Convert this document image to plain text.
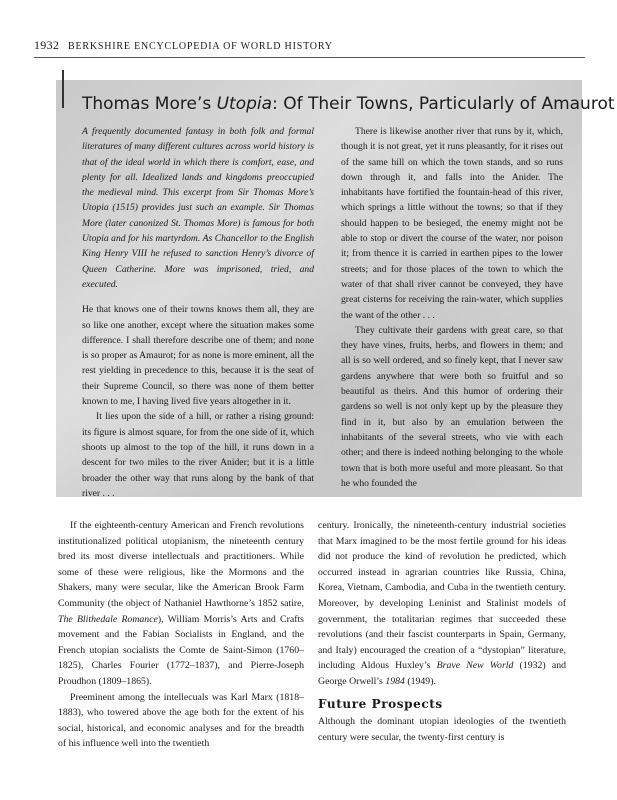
1932 BERKSHIRE ENCYCLOPEDIA OF WORLD HISTORY
Thomas More’s Utopia: Of Their Towns, Particularly of Amaurot

A frequently documented fantasy in both folk and formal literatures of many different cultures across world history is that of the ideal world in which there is comfort, ease, and plenty for all. Idealized lands and kingdoms preoccupied the medieval mind. This excerpt from Sir Thomas More’s Utopia (1515) provides just such an example. Sir Thomas More (later canonized St. Thomas More) is famous for both Utopia and for his martyrdom. As Chancellor to the English King Henry VIII he refused to sanction Henry’s divorce of Queen Catherine. More was imprisoned, tried, and executed.

He that knows one of their towns knows them all, they are so like one another, except where the situation makes some difference. I shall therefore describe one of them; and none is so proper as Amaurot; for as none is more eminent, all the rest yielding in precedence to this, because it is the seat of their Supreme Council, so there was none of them better known to me, I having lived five years altogether in it.

It lies upon the side of a hill, or rather a rising ground: its figure is almost square, for from the one side of it, which shoots up almost to the top of the hill, it runs down in a descent for two miles to the river Anider; but it is a little broader the other way that runs along by the bank of that river . . .

There is likewise another river that runs by it, which, though it is not great, yet it runs pleasantly, for it rises out of the same hill on which the town stands, and so runs down through it, and falls into the Anider. The inhabitants have fortified the fountain-head of this river, which springs a little without the towns; so that if they should happen to be besieged, the enemy might not be able to stop or divert the course of the water, nor poison it; from thence it is carried in earthen pipes to the lower streets; and for those places of the town to which the water of that shall river cannot be conveyed, they have great cisterns for receiving the rain-water, which supplies the want of the other . . .

They cultivate their gardens with great care, so that they have vines, fruits, herbs, and flowers in them; and all is so well ordered, and so finely kept, that I never saw gardens anywhere that were both so fruitful and so beautiful as theirs. And this humor of ordering their gardens so well is not only kept up by the pleasure they find in it, but also by an emulation between the inhabitants of the several streets, who vie with each other; and there is indeed nothing belonging to the whole town that is both more useful and more pleasant. So that he who founded the

If the eighteenth-century American and French revolutions institutionalized political utopianism, the nineteenth century bred its most diverse intellectuals and practitioners. While some of these were religious, like the Mormons and the Shakers, many were secular, like the American Brook Farm Community (the object of Nathaniel Hawthorne’s 1852 satire, The Blithedale Romance), William Morris’s Arts and Crafts movement and the Fabian Socialists in England, and the French utopian socialists the Comte de Saint-Simon (1760–1825), Charles Fourier (1772–1837), and Pierre-Joseph Proudhon (1809–1865).

Preeminent among the intellecuals was Karl Marx (1818–1883), who towered above the age both for the extent of his social, historical, and economic analyses and for the breadth of his influence well into the twentieth

century. Ironically, the nineteenth-century industrial societies that Marx imagined to be the most fertile ground for his ideas did not produce the kind of revolution he predicted, which occurred instead in agrarian countries like Russia, China, Korea, Vietnam, Cambodia, and Cuba in the twentieth century. Moreover, by developing Leninist and Stalinist models of government, the totalitarian regimes that succeeded these revolutions (and their fascist counterparts in Spain, Germany, and Italy) encouraged the creation of a “dystopian” literature, including Aldous Huxley’s Brave New World (1932) and George Orwell’s 1984 (1949).

Future Prospects

Although the dominant utopian ideologies of the twentieth century were secular, the twenty-first century is
